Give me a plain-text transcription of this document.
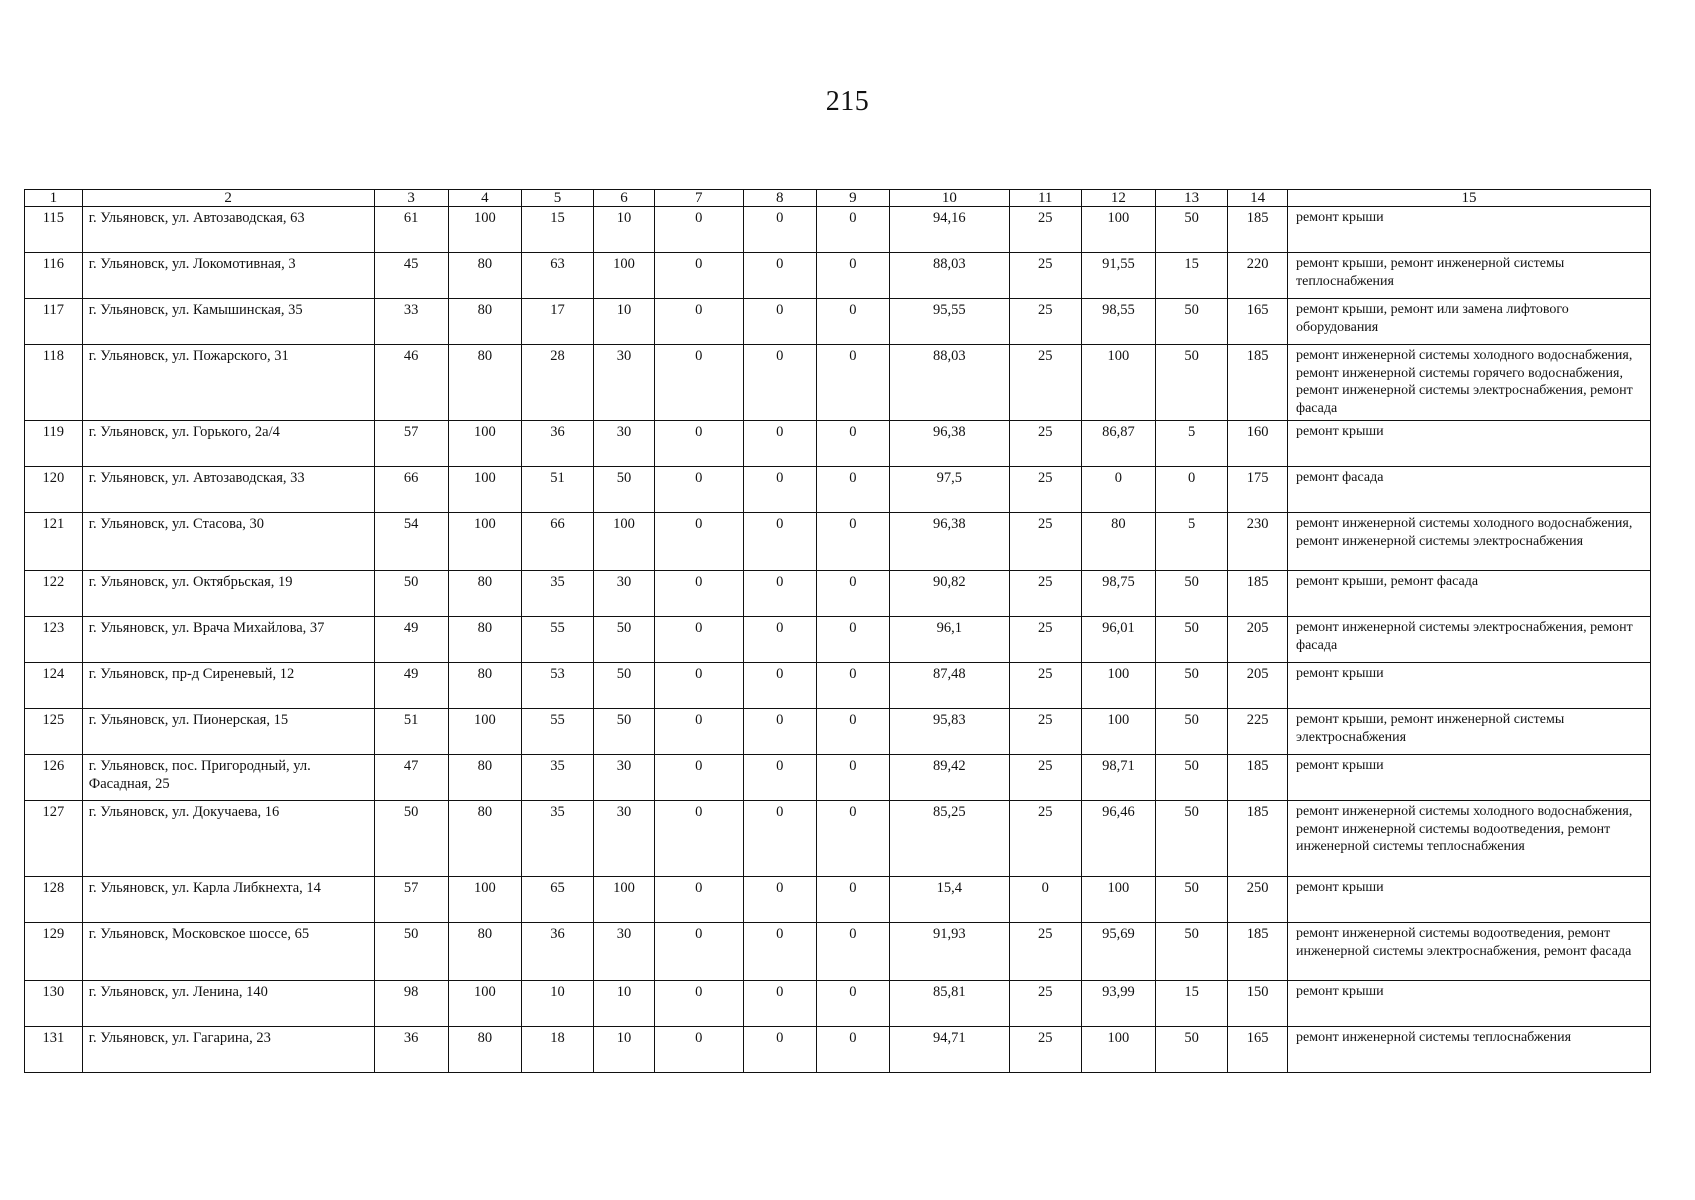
215
1	2	3	4	5	6	7	8	9	10	11	12	13	14	15
115	г. Ульяновск, ул. Автозаводская, 63	61	100	15	10	0	0	0	94,16	25	100	50	185	ремонт крыши
116	г. Ульяновск, ул. Локомотивная, 3	45	80	63	100	0	0	0	88,03	25	91,55	15	220	ремонт крыши, ремонт инженерной системы теплоснабжения
117	г. Ульяновск, ул. Камышинская, 35	33	80	17	10	0	0	0	95,55	25	98,55	50	165	ремонт крыши, ремонт или замена лифтового оборудования
118	г. Ульяновск, ул. Пожарского, 31	46	80	28	30	0	0	0	88,03	25	100	50	185	ремонт инженерной системы холодного водоснабжения, ремонт инженерной системы горячего водоснабжения, ремонт инженерной системы электроснабжения, ремонт фасада
119	г. Ульяновск, ул. Горького, 2а/4	57	100	36	30	0	0	0	96,38	25	86,87	5	160	ремонт крыши
120	г. Ульяновск, ул. Автозаводская, 33	66	100	51	50	0	0	0	97,5	25	0	0	175	ремонт фасада
121	г. Ульяновск, ул. Стасова, 30	54	100	66	100	0	0	0	96,38	25	80	5	230	ремонт инженерной системы холодного водоснабжения, ремонт инженерной системы электроснабжения
122	г. Ульяновск, ул. Октябрьская, 19	50	80	35	30	0	0	0	90,82	25	98,75	50	185	ремонт крыши, ремонт фасада
123	г. Ульяновск, ул. Врача Михайлова, 37	49	80	55	50	0	0	0	96,1	25	96,01	50	205	ремонт инженерной системы электроснабжения, ремонт фасада
124	г. Ульяновск, пр-д Сиреневый, 12	49	80	53	50	0	0	0	87,48	25	100	50	205	ремонт крыши
125	г. Ульяновск, ул. Пионерская, 15	51	100	55	50	0	0	0	95,83	25	100	50	225	ремонт крыши, ремонт инженерной системы электроснабжения
126	г. Ульяновск, пос. Пригородный, ул. Фасадная, 25	47	80	35	30	0	0	0	89,42	25	98,71	50	185	ремонт крыши
127	г. Ульяновск, ул. Докучаева, 16	50	80	35	30	0	0	0	85,25	25	96,46	50	185	ремонт инженерной системы холодного водоснабжения, ремонт инженерной системы водоотведения, ремонт инженерной системы теплоснабжения
128	г. Ульяновск, ул. Карла Либкнехта, 14	57	100	65	100	0	0	0	15,4	0	100	50	250	ремонт крыши
129	г. Ульяновск, Московское шоссе, 65	50	80	36	30	0	0	0	91,93	25	95,69	50	185	ремонт инженерной системы водоотведения, ремонт инженерной системы электроснабжения, ремонт фасада
130	г. Ульяновск, ул. Ленина, 140	98	100	10	10	0	0	0	85,81	25	93,99	15	150	ремонт крыши
131	г. Ульяновск, ул. Гагарина, 23	36	80	18	10	0	0	0	94,71	25	100	50	165	ремонт инженерной системы теплоснабжения
